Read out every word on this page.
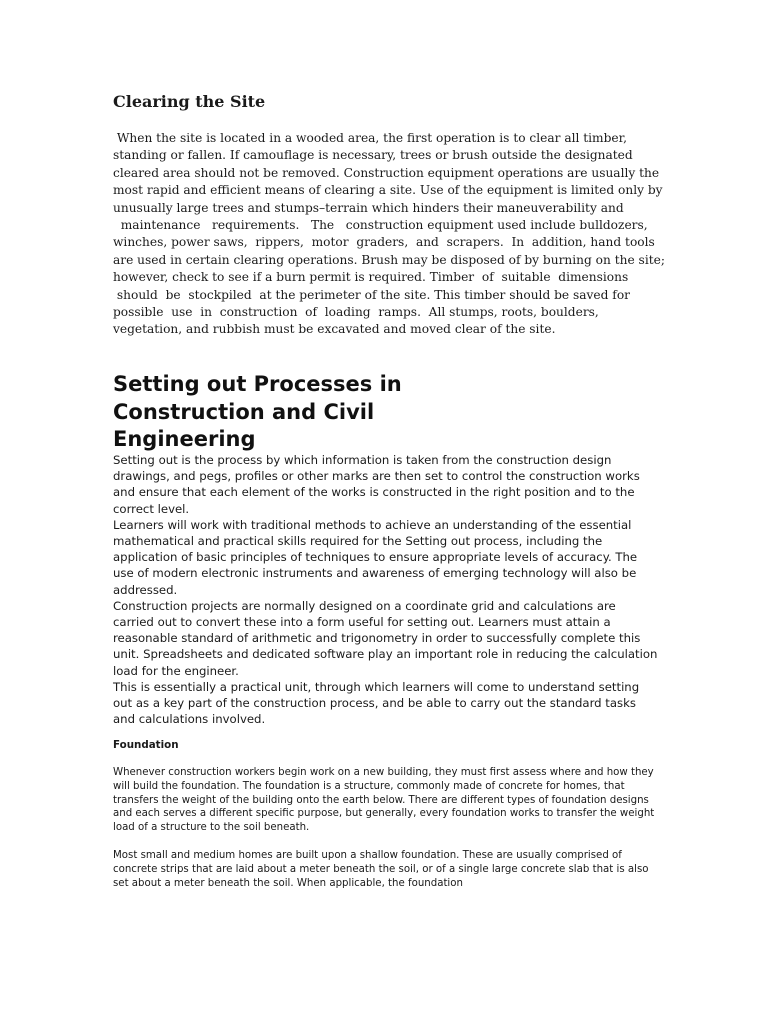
Clearing the Site
When the site is located in a wooded area, the first operation is to clear all timber,
standing or fallen. If camouflage is necessary, trees or brush outside the designated
cleared area should not be removed. Construction equipment operations are usually the
most rapid and efficient means of clearing a site. Use of the equipment is limited only by
unusually large trees and stumps–terrain which hinders their maneuverability and
maintenance   requirements.   The   construction equipment used include bulldozers,
winches, power saws,  rippers,  motor  graders,  and  scrapers.  In  addition, hand tools
are used in certain clearing operations. Brush may be disposed of by burning on the site;
however, check to see if a burn permit is required. Timber  of  suitable  dimensions
should  be  stockpiled  at the perimeter of the site. This timber should be saved for
possible  use  in  construction  of  loading  ramps.  All stumps, roots, boulders,
vegetation, and rubbish must be excavated and moved clear of the site.
Setting out Processes in Construction and Civil Engineering

Setting out is the process by which information is taken from the construction design drawings, and pegs, profiles or other marks are then set to control the construction works and ensure that each element of the works is constructed in the right position and to the correct level.

Learners will work with traditional methods to achieve an understanding of the essential mathematical and practical skills required for the Setting out process, including the application of basic principles of techniques to ensure appropriate levels of accuracy. The use of modern electronic instruments and awareness of emerging technology will also be addressed.

Construction projects are normally designed on a coordinate grid and calculations are carried out to convert these into a form useful for setting out. Learners must attain a reasonable standard of arithmetic and trigonometry in order to successfully complete this unit. Spreadsheets and dedicated software play an important role in reducing the calculation load for the engineer.

This is essentially a practical unit, through which learners will come to understand setting out as a key part of the construction process, and be able to carry out the standard tasks and calculations involved.

Foundation

Whenever construction workers begin work on a new building, they must first assess where and how they will build the foundation. The foundation is a structure, commonly made of concrete for homes, that transfers the weight of the building onto the earth below. There are different types of foundation designs and each serves a different specific purpose, but generally, every foundation works to transfer the weight load of a structure to the soil beneath.

Most small and medium homes are built upon a shallow foundation. These are usually comprised of concrete strips that are laid about a meter beneath the soil, or of a single large concrete slab that is also set about a meter beneath the soil. When applicable, the foundation
